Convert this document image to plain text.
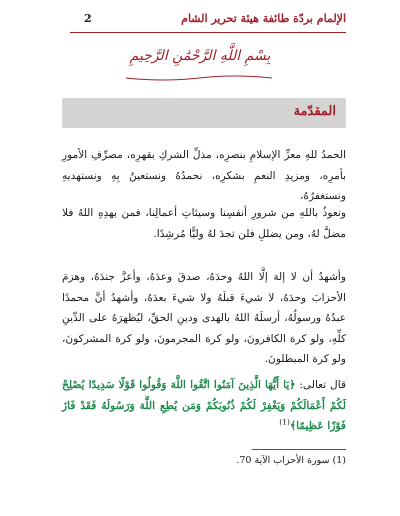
الإلمام بردّة طائفة هيئة تحرير الشام
2
بِسْمِ اللَّهِ الرَّحْمَٰنِ الرَّحِيمِ
المقدّمة

الحمدُ للهِ معزِّ الإسلامِ بنصرِه، مذلِّ الشركِ بقهرِه، مصرِّفِ الأمورِ بأمرِه، ومزيدِ النعمِ بشكرِه، نحمدُهُ ونستعينُ بِهِ ونستهديهِ ونستغفرُهُ،

ونعوذُ باللهِ من شرورِ أنفسِنا وسيئاتِ أعمالِنا، فمن يهدِهِ اللهُ فلا مضلَّ لهُ، ومن يضللِ فلن تجدَ لهُ وليًّا مُرشِدًا.

وأشهدُ أن لا إلهَ إلَّا اللهُ وحدَهُ، صدقَ وعدَهُ، وأعزَّ جندَهُ، وهزمَ الأحزابَ وحدَهُ، لا شيءَ قبلَهُ ولا شيءَ بعدَهُ، وأشهدُ أنَّ محمدًا عبدُهُ ورسولُهُ، أرسلَهُ اللهُ بالهدى ودينِ الحقِّ، ليُظهرَهُ على الدِّينِ كلِّهِ، ولو كرهَ الكافرونَ، ولو كرهَ المجرمونَ، ولو كرهَ المشركونَ، ولو كرهَ المبطلونَ.

قال تعالى: ﴿يَا أَيُّهَا الَّذِينَ آمَنُوا اتَّقُوا اللَّهَ وَقُولُوا قَوْلًا سَدِيدًا يُصْلِحْ لَكُمْ أَعْمَالَكُمْ وَيَغْفِرْ لَكُمْ ذُنُوبَكُمْ وَمَن يُطِعِ اللَّهَ وَرَسُولَهُ فَقَدْ فَازَ فَوْزًا عَظِيمًا﴾$^{(1)}$

(1) سورة الأحزاب الآية 70.
